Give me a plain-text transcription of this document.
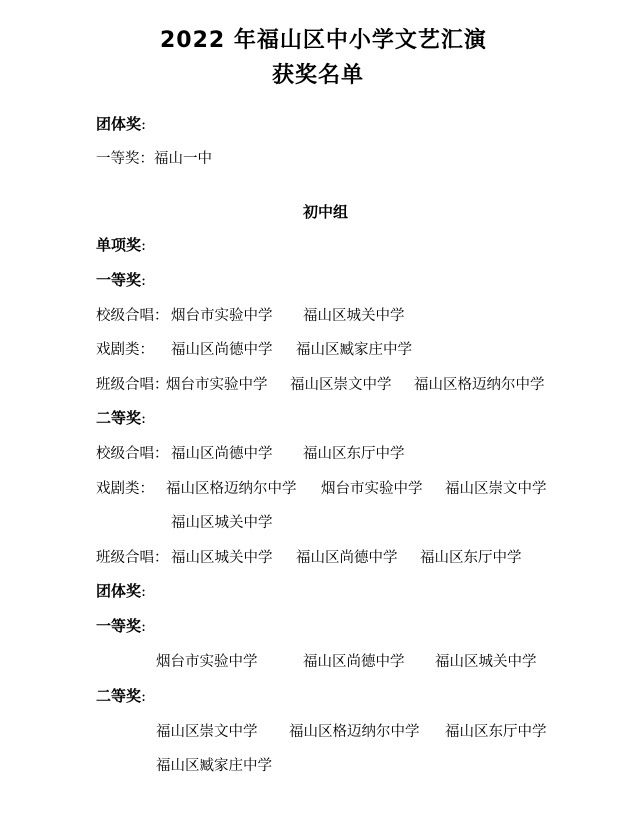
2022 年福山区中小学文艺汇演
获奖名单
团体奖:
一等奖：福山一中
初中组
单项奖:
一等奖:
校级合唱： 烟台市实验中学 福山区城关中学
戏剧类： 福山区尚德中学 福山区臧家庄中学
班级合唱：
烟台市实验中学 福山区崇文中学 福山区格迈纳尔中学
二等奖:
校级合唱： 福山区尚德中学 福山区东厅中学
戏剧类： 福山区格迈纳尔中学 烟台市实验中学 福山区崇文中学
福山区城关中学
班级合唱： 福山区城关中学 福山区尚德中学 福山区东厅中学
团体奖:
一等奖:
烟台市实验中学	福山区尚德中学 福山区城关中学
二等奖:
福山区崇文中学 福山区格迈纳尔中学 福山区东厅中学
福山区臧家庄中学
